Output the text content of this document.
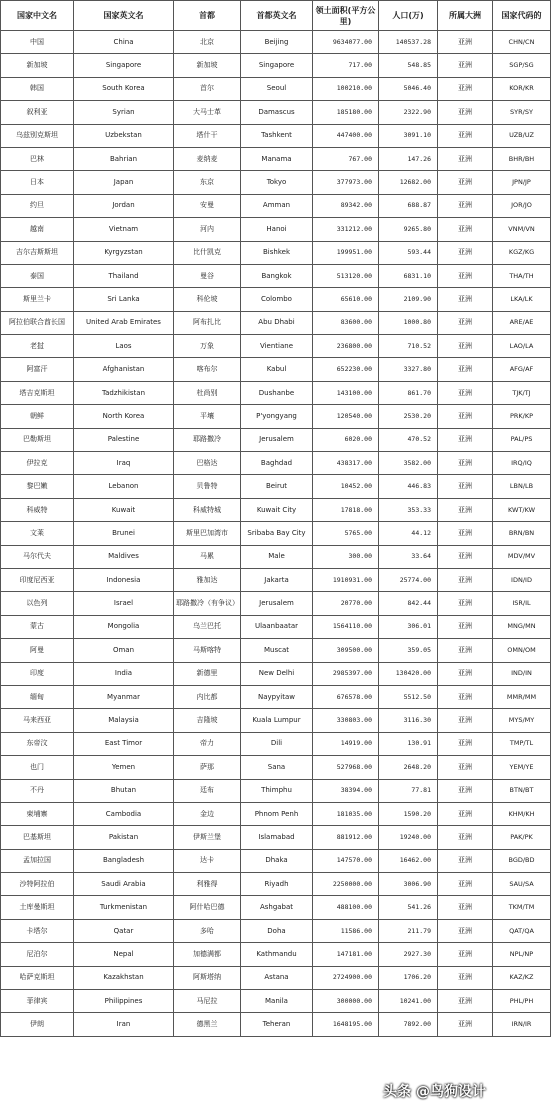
国家中文名	国家英文名	首都	首都英文名	领土面积(平方公里)	人口(万)	所属大洲	国家代码的
中国	China	北京	Beijing	9634077.00	140537.28	亚洲	CHN/CN
新加坡	Singapore	新加坡	Singapore	717.00	548.85	亚洲	SGP/SG
韩国	South Korea	首尔	Seoul	100210.00	5046.40	亚洲	KOR/KR
叙利亚	Syrian	大马士革	Damascus	185180.00	2322.90	亚洲	SYR/SY
乌兹别克斯坦	Uzbekstan	塔什干	Tashkent	447400.00	3091.10	亚洲	UZB/UZ
巴林	Bahrian	麦纳麦	Manama	767.00	147.26	亚洲	BHR/BH
日本	Japan	东京	Tokyo	377973.00	12682.00	亚洲	JPN/JP
约旦	Jordan	安曼	Amman	89342.00	688.87	亚洲	JOR/JO
越南	Vietnam	河内	Hanoi	331212.00	9265.80	亚洲	VNM/VN
吉尔吉斯斯坦	Kyrgyzstan	比什凯克	Bishkek	199951.00	593.44	亚洲	KGZ/KG
泰国	Thailand	曼谷	Bangkok	513120.00	6831.10	亚洲	THA/TH
斯里兰卡	Sri Lanka	科伦坡	Colombo	65610.00	2109.90	亚洲	LKA/LK
阿拉伯联合酋长国	United Arab Emirates	阿布扎比	Abu Dhabi	83600.00	1000.80	亚洲	ARE/AE
老挝	Laos	万象	Vientiane	236800.00	710.52	亚洲	LAO/LA
阿富汗	Afghanistan	喀布尔	Kabul	652230.00	3327.80	亚洲	AFG/AF
塔吉克斯坦	Tadzhikistan	杜尚别	Dushanbe	143100.00	861.70	亚洲	TJK/TJ
朝鲜	North Korea	平壤	P'yongyang	120540.00	2530.20	亚洲	PRK/KP
巴勒斯坦	Palestine	耶路撒冷	Jerusalem	6020.00	470.52	亚洲	PAL/PS
伊拉克	Iraq	巴格达	Baghdad	438317.00	3582.00	亚洲	IRQ/IQ
黎巴嫩	Lebanon	贝鲁特	Beirut	10452.00	446.83	亚洲	LBN/LB
科威特	Kuwait	科威特城	Kuwait City	17818.00	353.33	亚洲	KWT/KW
文莱	Brunei	斯里巴加湾市	Sribaba Bay City	5765.00	44.12	亚洲	BRN/BN
马尔代夫	Maldives	马累	Male	300.00	33.64	亚洲	MDV/MV
印度尼西亚	Indonesia	雅加达	Jakarta	1910931.00	25774.00	亚洲	IDN/ID
以色列	Israel	耶路撒冷（有争议）	Jerusalem	20770.00	842.44	亚洲	ISR/IL
蒙古	Mongolia	乌兰巴托	Ulaanbaatar	1564110.00	306.01	亚洲	MNG/MN
阿曼	Oman	马斯喀特	Muscat	309500.00	359.05	亚洲	OMN/OM
印度	India	新德里	New Delhi	2985397.00	130420.00	亚洲	IND/IN
缅甸	Myanmar	内比都	Naypyitaw	676578.00	5512.50	亚洲	MMR/MM
马来西亚	Malaysia	吉隆坡	Kuala Lumpur	330803.00	3116.30	亚洲	MYS/MY
东帝汶	East Timor	帝力	Dili	14919.00	130.91	亚洲	TMP/TL
也门	Yemen	萨那	Sana	527968.00	2648.20	亚洲	YEM/YE
不丹	Bhutan	廷布	Thimphu	38394.00	77.81	亚洲	BTN/BT
柬埔寨	Cambodia	金边	Phnom Penh	181035.00	1590.20	亚洲	KHM/KH
巴基斯坦	Pakistan	伊斯兰堡	Islamabad	881912.00	19240.00	亚洲	PAK/PK
孟加拉国	Bangladesh	达卡	Dhaka	147570.00	16462.00	亚洲	BGD/BD
沙特阿拉伯	Saudi Arabia	利雅得	Riyadh	2250000.00	3006.90	亚洲	SAU/SA
土库曼斯坦	Turkmenistan	阿什哈巴德	Ashgabat	488100.00	541.26	亚洲	TKM/TM
卡塔尔	Qatar	多哈	Doha	11586.00	211.79	亚洲	QAT/QA
尼泊尔	Nepal	加德满都	Kathmandu	147181.00	2927.30	亚洲	NPL/NP
哈萨克斯坦	Kazakhstan	阿斯塔纳	Astana	2724900.00	1706.20	亚洲	KAZ/KZ
菲律宾	Philippines	马尼拉	Manila	300000.00	10241.00	亚洲	PHL/PH
伊朗	Iran	德黑兰	Teheran	1648195.00	7892.00	亚洲	IRN/IR
头条 @鸟狗设计
